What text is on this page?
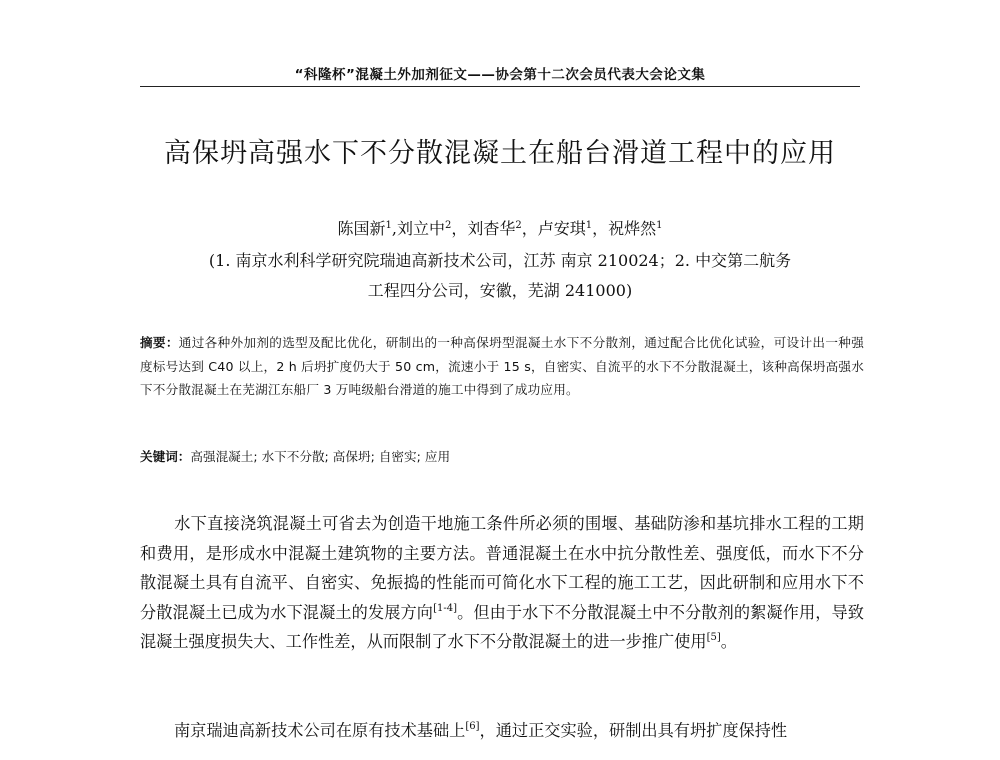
“科隆杯”混凝土外加剂征文——协会第十二次会员代表大会论文集
高保坍高强水下不分散混凝土在船台滑道工程中的应用
陈国新$^1$,刘立中$^2$，刘杳华$^2$，卢安琪$^1$，祝烨然$^1$
(1. 南京水利科学研究院瑞迪高新技术公司，江苏 南京 210024；2. 中交第二航务
工程四分公司，安徽，芜湖 241000)
摘要：通过各种外加剂的选型及配比优化，研制出的一种高保坍型混凝土水下不分散剂，通过配合比优化试验，可设计出一种强度标号达到 C40 以上，2 h 后坍扩度仍大于 50 cm，流速小于 15 s，自密实、自流平的水下不分散混凝土，该种高保坍高强水下不分散混凝土在芜湖江东船厂 3 万吨级船台滑道的施工中得到了成功应用。
关键词：高强混凝土; 水下不分散; 高保坍; 自密实; 应用
水下直接浇筑混凝土可省去为创造干地施工条件所必须的围堰、基础防渗和基坑排水工程的工期和费用，是形成水中混凝土建筑物的主要方法。普通混凝土在水中抗分散性差、强度低，而水下不分散混凝土具有自流平、自密实、免振捣的性能而可简化水下工程的施工工艺，因此研制和应用水下不分散混凝土已成为水下混凝土的发展方向[1-4]。但由于水下不分散混凝土中不分散剂的絮凝作用，导致混凝土强度损失大、工作性差，从而限制了水下不分散混凝土的进一步推广使用[5]。
南京瑞迪高新技术公司在原有技术基础上[6]，通过正交实验，研制出具有坍扩度保持性
